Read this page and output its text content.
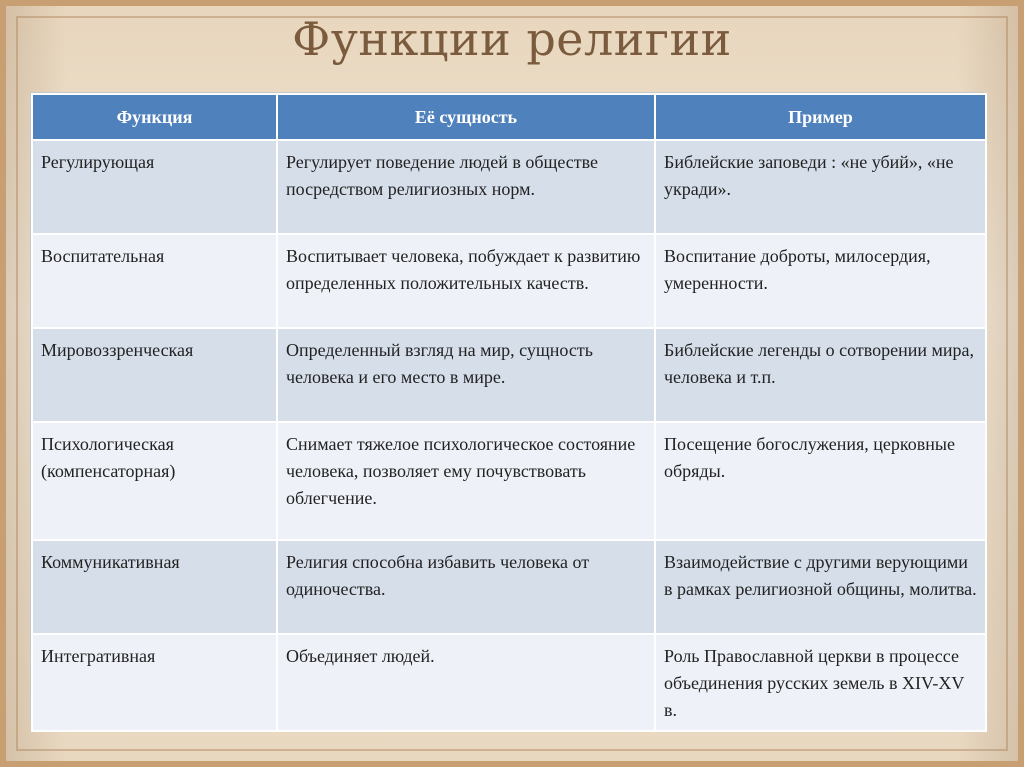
Функции религии
Функция	Её сущность	Пример
Регулирующая	Регулирует поведение людей в обществе посредством религиозных норм.	Библейские заповеди : «не убий», «не укради».
Воспитательная	Воспитывает человека, побуждает к развитию определенных положительных качеств.	Воспитание доброты, милосердия, умеренности.
Мировоззренческая	Определенный взгляд на мир, сущность человека и его место в мире.	Библейские легенды о сотворении мира, человека и т.п.
Психологическая (компенсаторная)	Снимает тяжелое психологическое состояние человека, позволяет ему почувствовать облегчение.	Посещение богослужения, церковные обряды.
Коммуникативная	Религия способна избавить человека от одиночества.	Взаимодействие с другими верующими в рамках религиозной общины, молитва.
Интегративная	Объединяет людей.	Роль Православной церкви в процессе объединения русских земель в XIV-XV в.
